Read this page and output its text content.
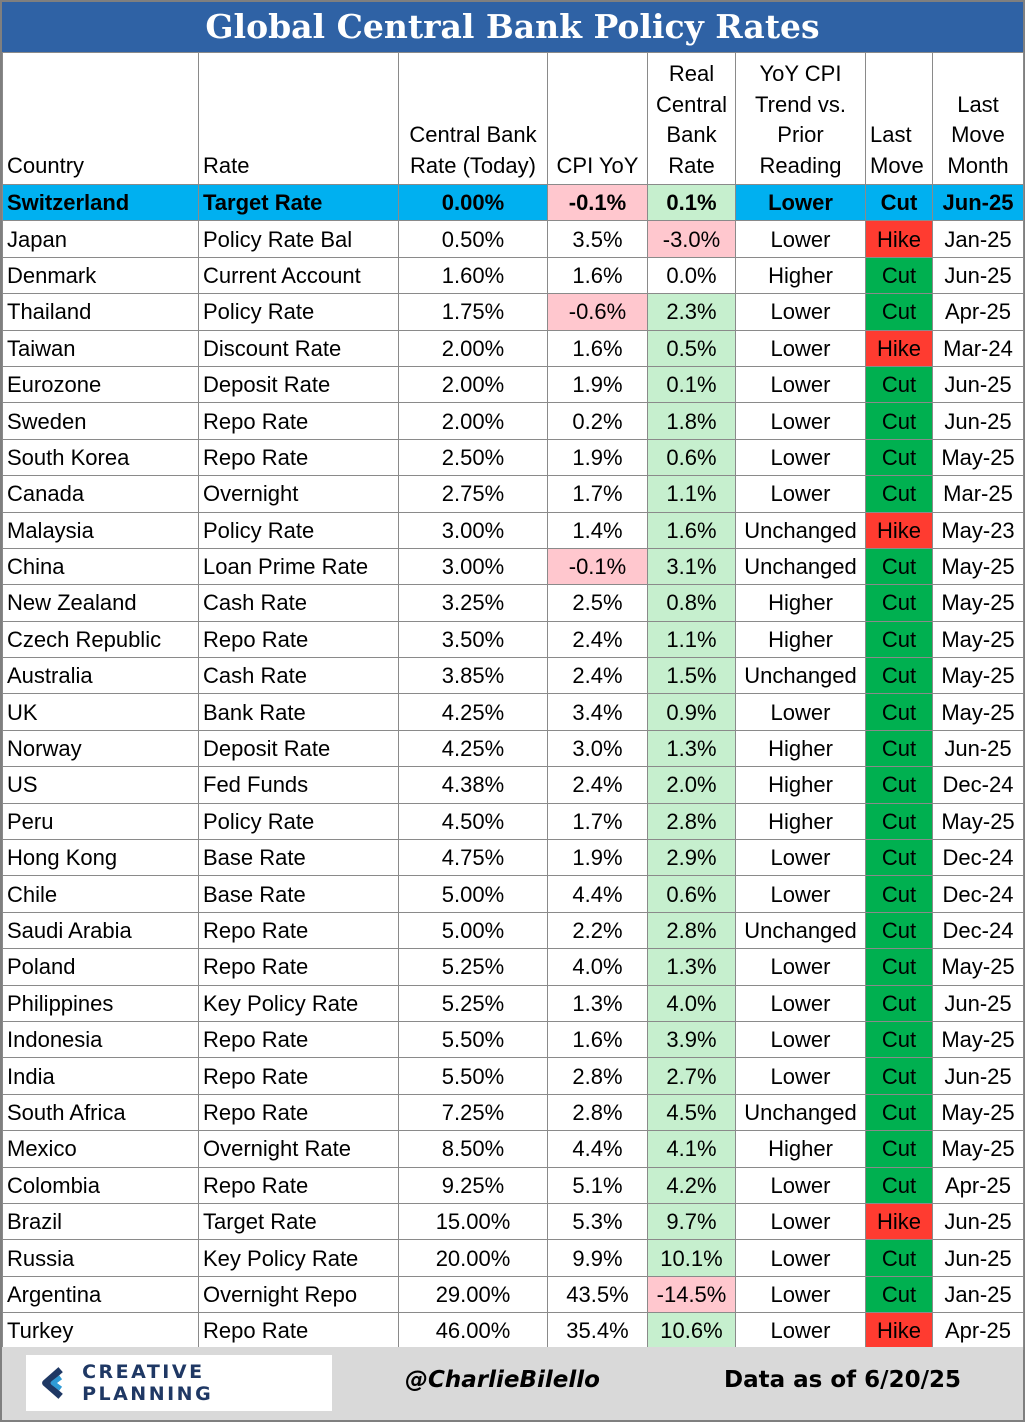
Global Central Bank Policy Rates
Country	Rate	Central Bank Rate (Today)	CPI YoY	Real Central Bank Rate	YoY CPI Trend vs. Prior Reading	Last Move	Last Move Month
Switzerland	Target Rate	0.00%	-0.1%	0.1%	Lower	Cut	Jun-25
Japan	Policy Rate Bal	0.50%	3.5%	-3.0%	Lower	Hike	Jan-25
Denmark	Current Account	1.60%	1.6%	0.0%	Higher	Cut	Jun-25
Thailand	Policy Rate	1.75%	-0.6%	2.3%	Lower	Cut	Apr-25
Taiwan	Discount Rate	2.00%	1.6%	0.5%	Lower	Hike	Mar-24
Eurozone	Deposit Rate	2.00%	1.9%	0.1%	Lower	Cut	Jun-25
Sweden	Repo Rate	2.00%	0.2%	1.8%	Lower	Cut	Jun-25
South Korea	Repo Rate	2.50%	1.9%	0.6%	Lower	Cut	May-25
Canada	Overnight	2.75%	1.7%	1.1%	Lower	Cut	Mar-25
Malaysia	Policy Rate	3.00%	1.4%	1.6%	Unchanged	Hike	May-23
China	Loan Prime Rate	3.00%	-0.1%	3.1%	Unchanged	Cut	May-25
New Zealand	Cash Rate	3.25%	2.5%	0.8%	Higher	Cut	May-25
Czech Republic	Repo Rate	3.50%	2.4%	1.1%	Higher	Cut	May-25
Australia	Cash Rate	3.85%	2.4%	1.5%	Unchanged	Cut	May-25
UK	Bank Rate	4.25%	3.4%	0.9%	Lower	Cut	May-25
Norway	Deposit Rate	4.25%	3.0%	1.3%	Higher	Cut	Jun-25
US	Fed Funds	4.38%	2.4%	2.0%	Higher	Cut	Dec-24
Peru	Policy Rate	4.50%	1.7%	2.8%	Higher	Cut	May-25
Hong Kong	Base Rate	4.75%	1.9%	2.9%	Lower	Cut	Dec-24
Chile	Base Rate	5.00%	4.4%	0.6%	Lower	Cut	Dec-24
Saudi Arabia	Repo Rate	5.00%	2.2%	2.8%	Unchanged	Cut	Dec-24
Poland	Repo Rate	5.25%	4.0%	1.3%	Lower	Cut	May-25
Philippines	Key Policy Rate	5.25%	1.3%	4.0%	Lower	Cut	Jun-25
Indonesia	Repo Rate	5.50%	1.6%	3.9%	Lower	Cut	May-25
India	Repo Rate	5.50%	2.8%	2.7%	Lower	Cut	Jun-25
South Africa	Repo Rate	7.25%	2.8%	4.5%	Unchanged	Cut	May-25
Mexico	Overnight Rate	8.50%	4.4%	4.1%	Higher	Cut	May-25
Colombia	Repo Rate	9.25%	5.1%	4.2%	Lower	Cut	Apr-25
Brazil	Target Rate	15.00%	5.3%	9.7%	Lower	Hike	Jun-25
Russia	Key Policy Rate	20.00%	9.9%	10.1%	Lower	Cut	Jun-25
Argentina	Overnight Repo	29.00%	43.5%	-14.5%	Lower	Cut	Jan-25
Turkey	Repo Rate	46.00%	35.4%	10.6%	Lower	Hike	Apr-25
CREATIVE PLANNING
@CharlieBilello	Data as of 6/20/25
